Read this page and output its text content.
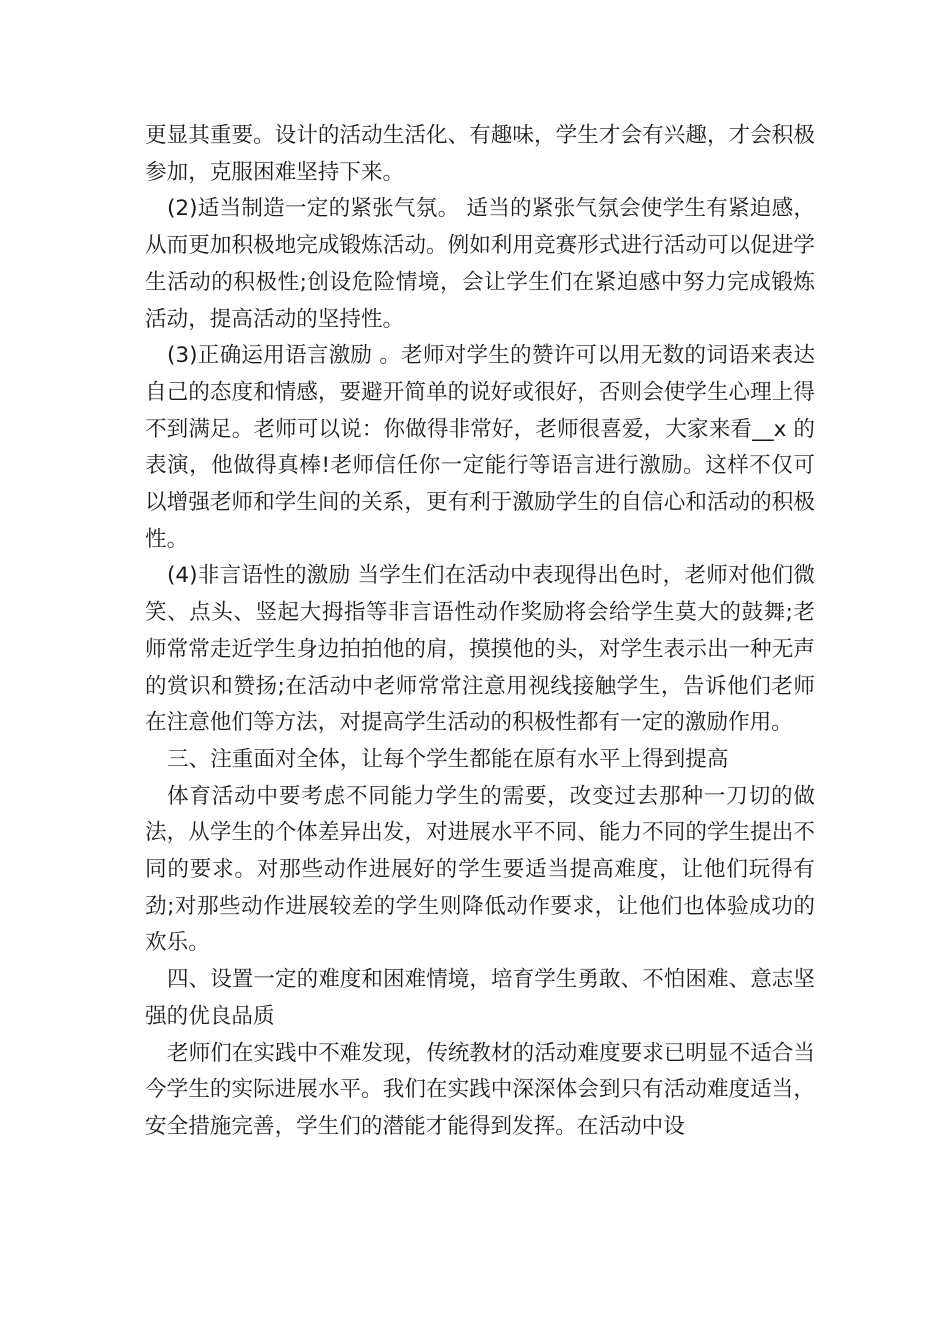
更显其重要。设计的活动生活化、有趣味，学生才会有兴趣，才会积极参加，克服困难坚持下来。

(2)适当制造一定的紧张气氛。 适当的紧张气氛会使学生有紧迫感，从而更加积极地完成锻炼活动。例如利用竞赛形式进行活动可以促进学生活动的积极性;创设危险情境，会让学生们在紧迫感中努力完成锻炼活动，提高活动的坚持性。

(3)正确运用语言激励 。老师对学生的赞许可以用无数的词语来表达自己的态度和情感，要避开简单的说好或很好，否则会使学生心理上得不到满足。老师可以说：你做得非常好，老师很喜爱，大家来看__x 的表演，他做得真棒!老师信任你一定能行等语言进行激励。这样不仅可以增强老师和学生间的关系，更有利于激励学生的自信心和活动的积极性。

(4)非言语性的激励 当学生们在活动中表现得出色时，老师对他们微笑、点头、竖起大拇指等非言语性动作奖励将会给学生莫大的鼓舞;老师常常走近学生身边拍拍他的肩，摸摸他的头，对学生表示出一种无声的赏识和赞扬;在活动中老师常常注意用视线接触学生，告诉他们老师在注意他们等方法，对提高学生活动的积极性都有一定的激励作用。

三、注重面对全体，让每个学生都能在原有水平上得到提高

体育活动中要考虑不同能力学生的需要，改变过去那种一刀切的做法，从学生的个体差异出发，对进展水平不同、能力不同的学生提出不同的要求。对那些动作进展好的学生要适当提高难度，让他们玩得有劲;对那些动作进展较差的学生则降低动作要求，让他们也体验成功的欢乐。

四、设置一定的难度和困难情境，培育学生勇敢、不怕困难、意志坚强的优良品质

老师们在实践中不难发现，传统教材的活动难度要求已明显不适合当今学生的实际进展水平。我们在实践中深深体会到只有活动难度适当，安全措施完善，学生们的潜能才能得到发挥。在活动中设
